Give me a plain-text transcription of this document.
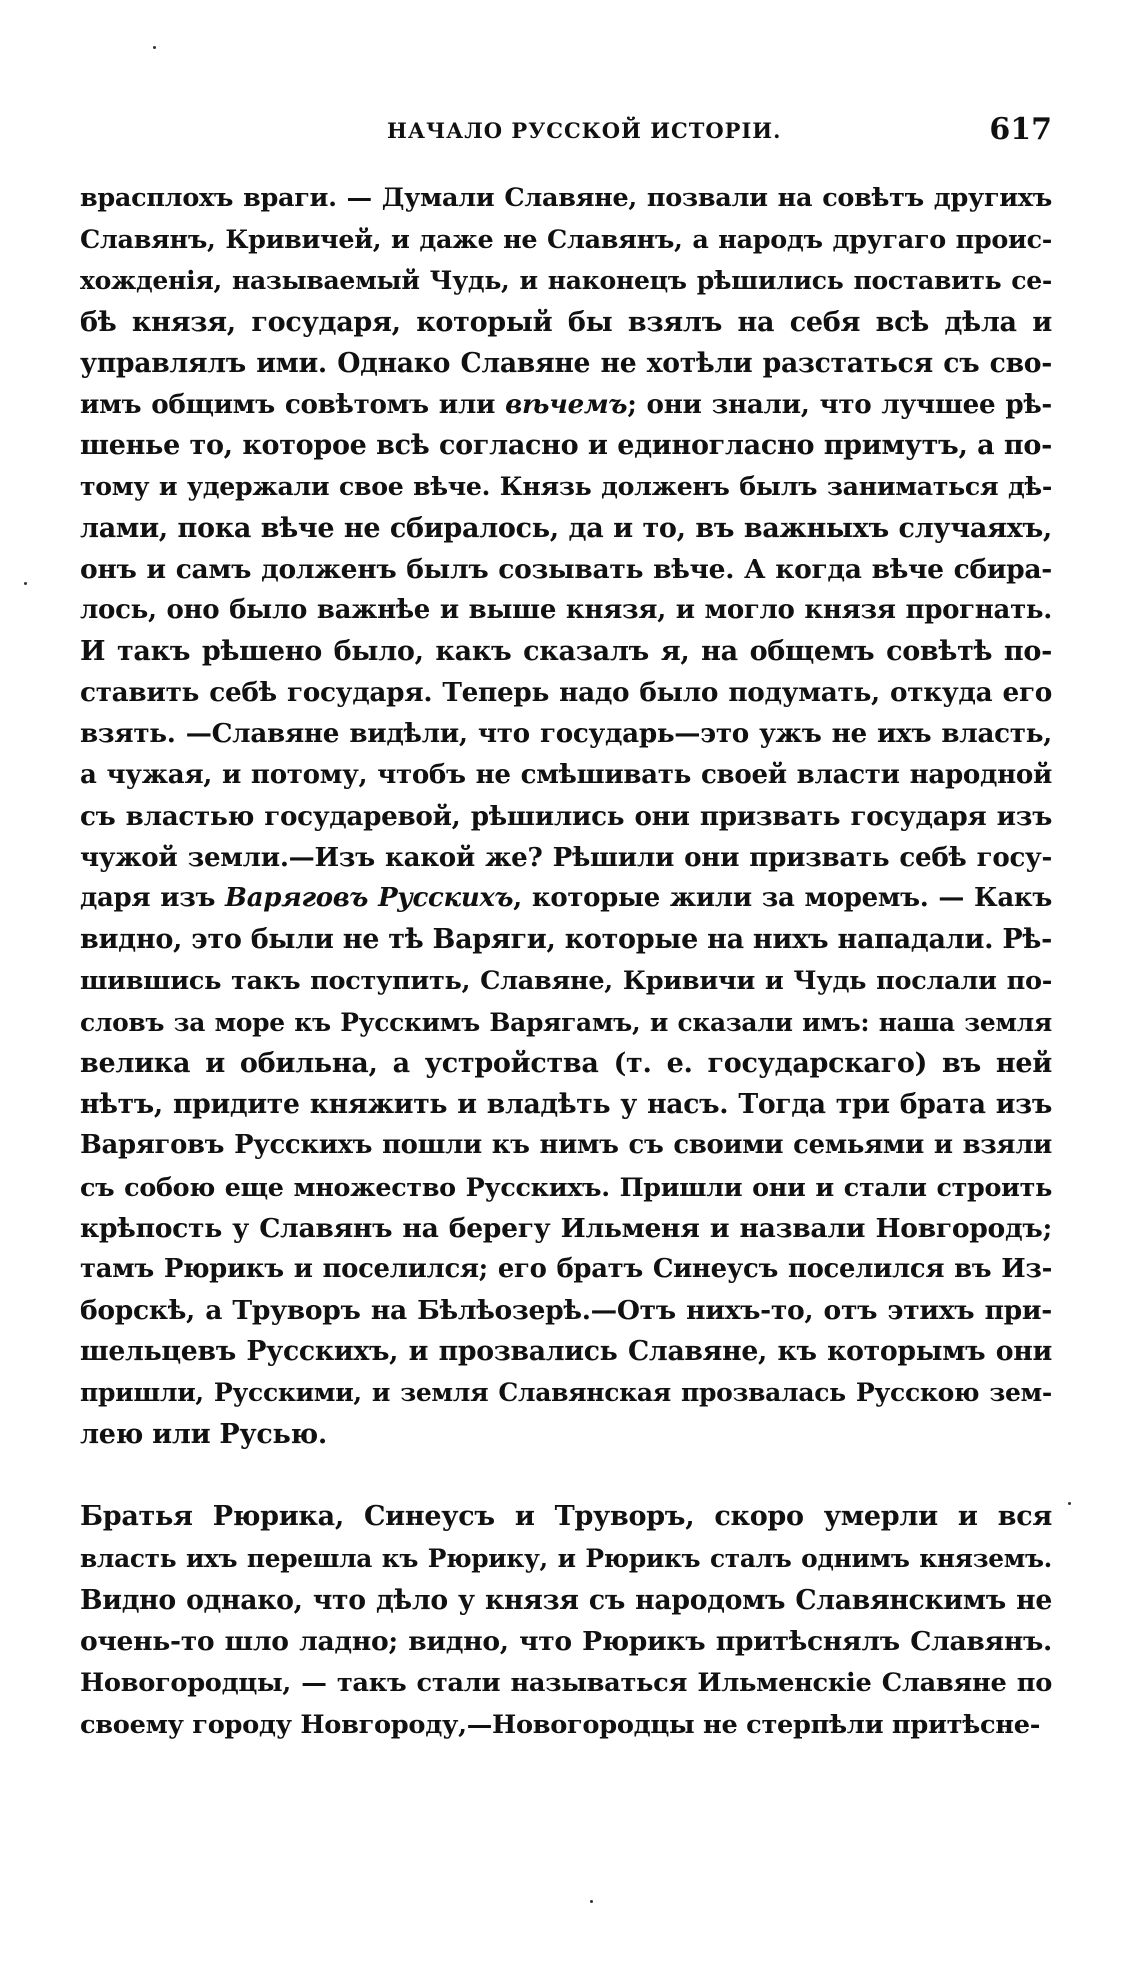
НАЧАЛО РУССКОЙ ИСТОРІИ.	617
врасплохъ враги. — Думали Славяне, позвали на совѣтъ другихъ
Славянъ, Кривичей, и даже не Славянъ, а народъ другаго проис-
хожденія, называемый Чудь, и наконецъ рѣшились поставить се-
бѣ князя, государя, который бы взялъ на себя всѣ дѣла и
управлялъ ими. Однако Славяне не хотѣли разстаться съ сво-
имъ общимъ совѣтомъ или вѣчемъ; они знали, что лучшее рѣ-
шенье то, которое всѣ согласно и единогласно примутъ, а по-
тому и удержали свое вѣче. Князь долженъ былъ заниматься дѣ-
лами, пока вѣче не сбиралось, да и то, въ важныхъ случаяхъ,
онъ и самъ долженъ былъ созывать вѣче. А когда вѣче сбира-
лось, оно было важнѣе и выше князя, и могло князя прогнать.
И такъ рѣшено было, какъ сказалъ я, на общемъ совѣтѣ по-
ставить себѣ государя. Теперь надо было подумать, откуда его
взять. —Славяне видѣли, что государь—это ужъ не ихъ власть,
а чужая, и потому, чтобъ не смѣшивать своей власти народной
съ властью государевой, рѣшились они призвать государя изъ
чужой земли.—Изъ какой же? Рѣшили они призвать себѣ госу-
даря изъ Варяговъ Русскихъ, которые жили за моремъ. — Какъ
видно, это были не тѣ Варяги, которые на нихъ нападали. Рѣ-
шившись такъ поступить, Славяне, Кривичи и Чудь послали по-
словъ за море къ Русскимъ Варягамъ, и сказали имъ: наша земля
велика и обильна, а устройства (т. е. государскаго) въ ней
нѣтъ, придите княжить и владѣть у насъ. Тогда три брата изъ
Варяговъ Русскихъ пошли къ нимъ съ своими семьями и взяли
съ собою еще множество Русскихъ. Пришли они и стали строить
крѣпость у Славянъ на берегу Ильменя и назвали Новгородъ;
тамъ Рюрикъ и поселился; его братъ Синеусъ поселился въ Из-
борскѣ, а Труворъ на Бѣлѣозерѣ.—Отъ нихъ-то, отъ этихъ при-
шельцевъ Русскихъ, и прозвались Славяне, къ которымъ они
пришли, Русскими, и земля Славянская прозвалась Русскою зем-
лею или Русью.
Братья Рюрика, Синеусъ и Труворъ, скоро умерли и вся
власть ихъ перешла къ Рюрику, и Рюрикъ сталъ однимъ княземъ.
Видно однако, что дѣло у князя съ народомъ Славянскимъ не
очень-то шло ладно; видно, что Рюрикъ притѣснялъ Славянъ.
Новогородцы, — такъ стали называться Ильменскіе Славяне по
своему городу Новгороду,—Новогородцы не стерпѣли притѣсне-
